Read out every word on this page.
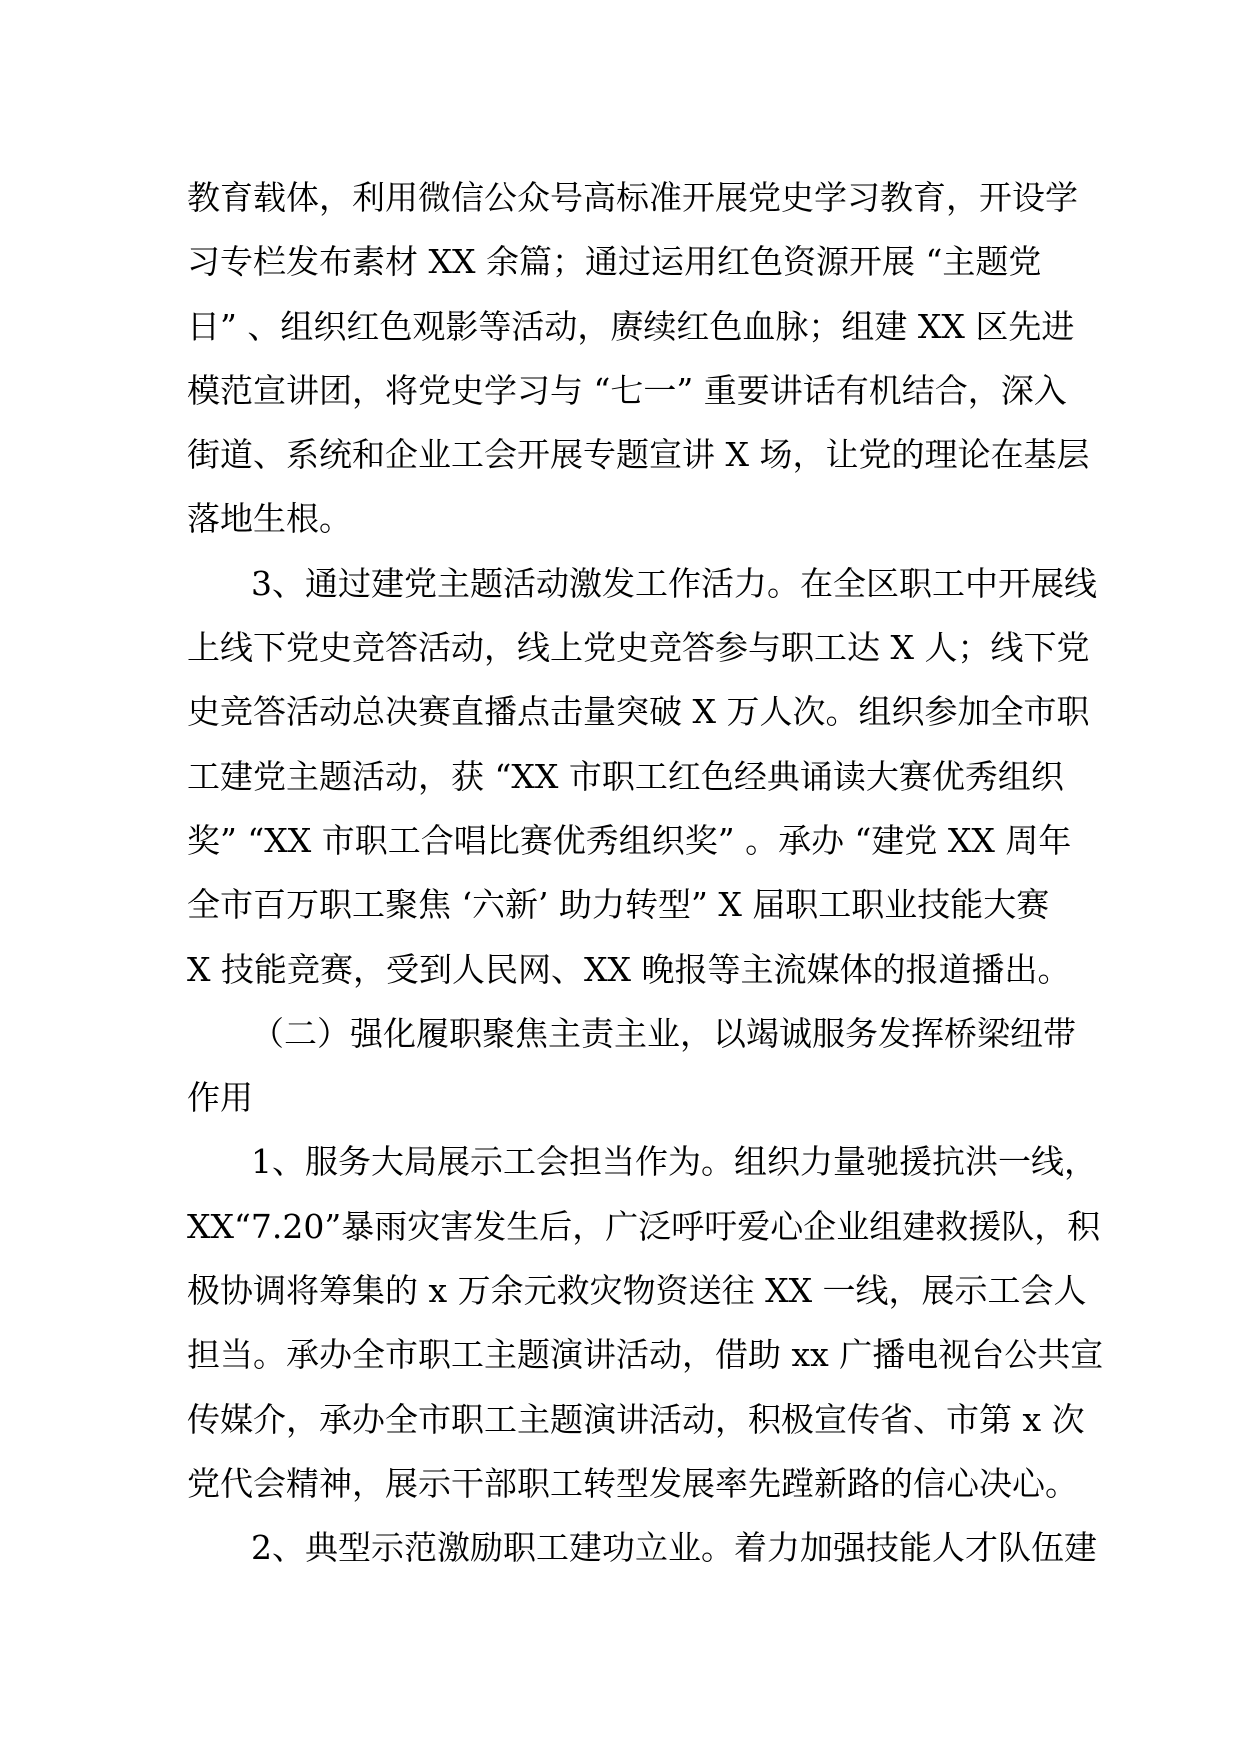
教育载体，利用微信公众号高标准开展党史学习教育，开设学
习专栏发布素材 XX 余篇；通过运用红色资源开展 “主题党
日” 、组织红色观影等活动，赓续红色血脉；组建 XX 区先进
模范宣讲团，将党史学习与 “七一” 重要讲话有机结合，深入
街道、系统和企业工会开展专题宣讲 X 场，让党的理论在基层
落地生根。
3、通过建党主题活动激发工作活力。在全区职工中开展线
上线下党史竞答活动，线上党史竞答参与职工达 X 人；线下党
史竞答活动总决赛直播点击量突破 X 万人次。组织参加全市职
工建党主题活动，获 “XX 市职工红色经典诵读大赛优秀组织
奖” “XX 市职工合唱比赛优秀组织奖” 。承办 “建党 XX 周年
全市百万职工聚焦 ‘六新’ 助力转型” X 届职工职业技能大赛
X 技能竞赛，受到人民网、XX 晚报等主流媒体的报道播出。
（二）强化履职聚焦主责主业，以竭诚服务发挥桥梁纽带
作用
1、服务大局展示工会担当作为。组织力量驰援抗洪一线，
XX“7.20”暴雨灾害发生后，广泛呼吁爱心企业组建救援队，积
极协调将筹集的 x 万余元救灾物资送往 XX 一线，展示工会人
担当。承办全市职工主题演讲活动，借助 xx 广播电视台公共宣
传媒介，承办全市职工主题演讲活动，积极宣传省、市第 x 次
党代会精神，展示干部职工转型发展率先蹚新路的信心决心。
2、典型示范激励职工建功立业。着力加强技能人才队伍建
